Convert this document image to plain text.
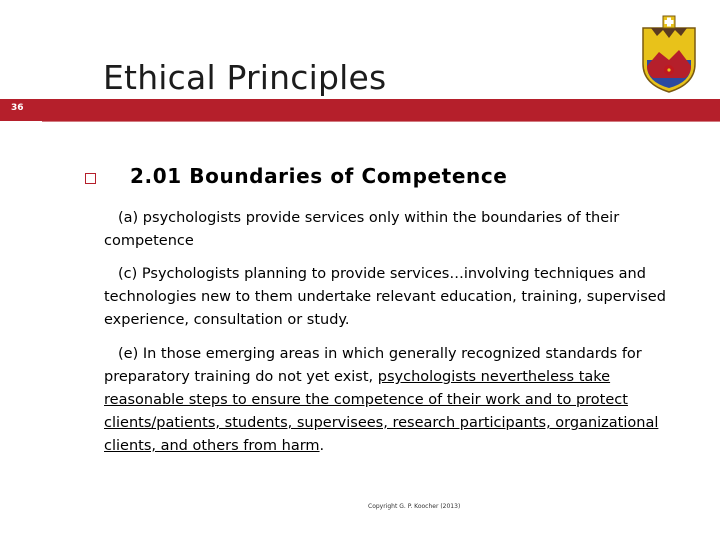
Ethical Principles
36
2.01 Boundaries of Competence
(a) psychologists provide services only within the boundaries of their competence
(c) Psychologists planning to provide services…involving techniques and technologies new to them undertake relevant education, training, supervised experience, consultation or study.
(e) In those emerging areas in which generally recognized standards for preparatory training do not yet exist, psychologists nevertheless take reasonable steps to ensure the competence of their work and to protect clients/patients, students, supervisees, research participants, organizational clients, and others from harm.
Copyright G. P. Koocher (2013)
